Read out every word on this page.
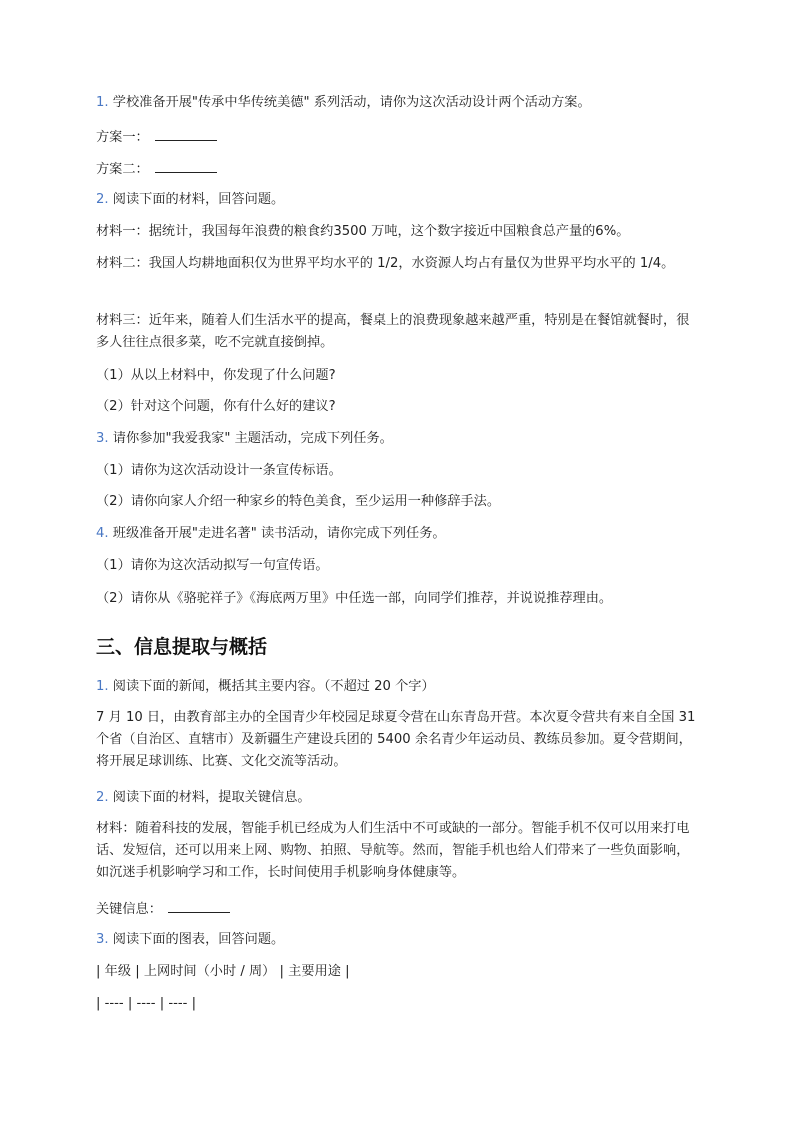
1. 学校准备开展"传承中华传统美德" 系列活动，请你为这次活动设计两个活动方案。
方案一：
方案二：
2. 阅读下面的材料，回答问题。
材料一：据统计，我国每年浪费的粮食约3500 万吨，这个数字接近中国粮食总产量的6%。
材料二：我国人均耕地面积仅为世界平均水平的 1/2，水资源人均占有量仅为世界平均水平的 1/4。
材料三：近年来，随着人们生活水平的提高，餐桌上的浪费现象越来越严重，特别是在餐馆就餐时，很多人往往点很多菜，吃不完就直接倒掉。
（1）从以上材料中，你发现了什么问题?
（2）针对这个问题，你有什么好的建议?
3. 请你参加"我爱我家" 主题活动，完成下列任务。
（1）请你为这次活动设计一条宣传标语。
（2）请你向家人介绍一种家乡的特色美食，至少运用一种修辞手法。
4. 班级准备开展"走进名著" 读书活动，请你完成下列任务。
（1）请你为这次活动拟写一句宣传语。
（2）请你从《骆驼祥子》《海底两万里》中任选一部，向同学们推荐，并说说推荐理由。
三、信息提取与概括
1. 阅读下面的新闻，概括其主要内容。（不超过 20 个字）
7 月 10 日，由教育部主办的全国青少年校园足球夏令营在山东青岛开营。本次夏令营共有来自全国 31 个省（自治区、直辖市）及新疆生产建设兵团的 5400 余名青少年运动员、教练员参加。夏令营期间，将开展足球训练、比赛、文化交流等活动。
2. 阅读下面的材料，提取关键信息。
材料：随着科技的发展，智能手机已经成为人们生活中不可或缺的一部分。智能手机不仅可以用来打电话、发短信，还可以用来上网、购物、拍照、导航等。然而，智能手机也给人们带来了一些负面影响，如沉迷手机影响学习和工作，长时间使用手机影响身体健康等。
关键信息：
3. 阅读下面的图表，回答问题。
| 年级 | 上网时间（小时 / 周） | 主要用途 |
| ---- | ---- | ---- |
